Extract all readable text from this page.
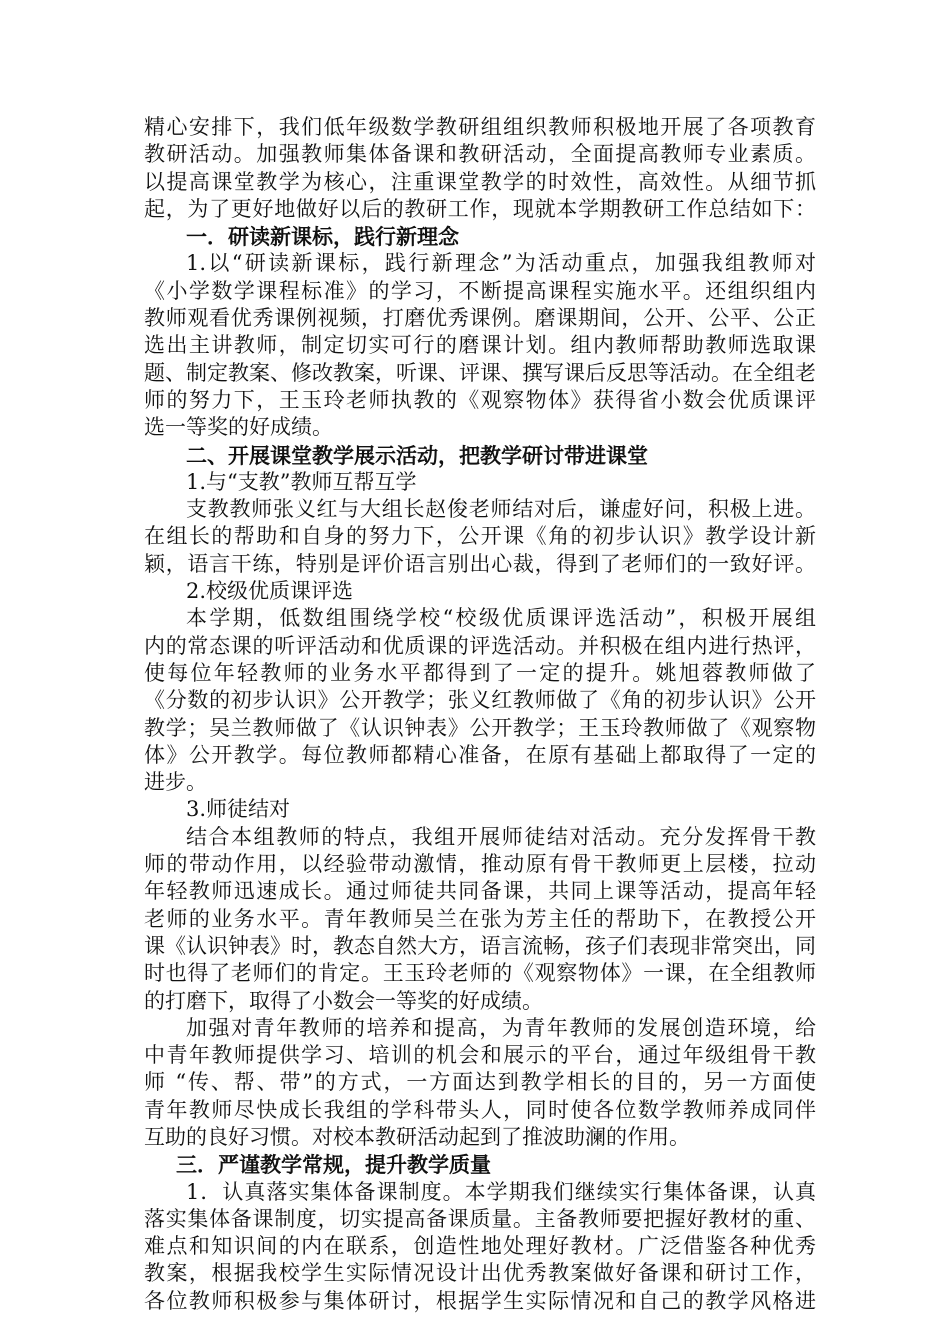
精心安排下，我们低年级数学教研组组织教师积极地开展了各项教育
教研活动。加强教师集体备课和教研活动，全面提高教师专业素质。
以提高课堂教学为核心，注重课堂教学的时效性，高效性。从细节抓
起，为了更好地做好以后的教研工作，现就本学期教研工作总结如下：
一．研读新课标，践行新理念
1.以“研读新课标，践行新理念”为活动重点，加强我组教师对
《小学数学课程标准》的学习，不断提高课程实施水平。还组织组内
教师观看优秀课例视频，打磨优秀课例。磨课期间，公开、公平、公正
选出主讲教师，制定切实可行的磨课计划。组内教师帮助教师选取课
题、制定教案、修改教案，听课、评课、撰写课后反思等活动。在全组老
师的努力下，王玉玲老师执教的《观察物体》获得省小数会优质课评
选一等奖的好成绩。
二、开展课堂教学展示活动，把教学研讨带进课堂
1.与“支教”教师互帮互学
支教教师张义红与大组长赵俊老师结对后，谦虚好问，积极上进。
在组长的帮助和自身的努力下，公开课《角的初步认识》教学设计新
颖，语言干练，特别是评价语言别出心裁，得到了老师们的一致好评。
2.校级优质课评选
本学期，低数组围绕学校“校级优质课评选活动”，积极开展组
内的常态课的听评活动和优质课的评选活动。并积极在组内进行热评，
使每位年轻教师的业务水平都得到了一定的提升。姚旭蓉教师做了
《分数的初步认识》公开教学；张义红教师做了《角的初步认识》公开
教学；吴兰教师做了《认识钟表》公开教学；王玉玲教师做了《观察物
体》公开教学。每位教师都精心准备，在原有基础上都取得了一定的
进步。
3.师徒结对
结合本组教师的特点，我组开展师徒结对活动。充分发挥骨干教
师的带动作用，以经验带动激情，推动原有骨干教师更上层楼，拉动
年轻教师迅速成长。通过师徒共同备课，共同上课等活动，提高年轻
老师的业务水平。青年教师吴兰在张为芳主任的帮助下，在教授公开
课《认识钟表》时，教态自然大方，语言流畅，孩子们表现非常突出，同
时也得了老师们的肯定。王玉玲老师的《观察物体》一课，在全组教师
的打磨下，取得了小数会一等奖的好成绩。
加强对青年教师的培养和提高，为青年教师的发展创造环境，给
中青年教师提供学习、培训的机会和展示的平台，通过年级组骨干教
师 “传、帮、带”的方式，一方面达到教学相长的目的，另一方面使
青年教师尽快成长我组的学科带头人，同时使各位数学教师养成同伴
互助的良好习惯。对校本教研活动起到了推波助澜的作用。
三．严谨教学常规，提升教学质量
1．认真落实集体备课制度。本学期我们继续实行集体备课，认真
落实集体备课制度，切实提高备课质量。主备教师要把握好教材的重、
难点和知识间的内在联系，创造性地处理好教材。广泛借鉴各种优秀
教案，根据我校学生实际情况设计出优秀教案做好备课和研讨工作，
各位教师积极参与集体研讨，根据学生实际情况和自己的教学风格进
